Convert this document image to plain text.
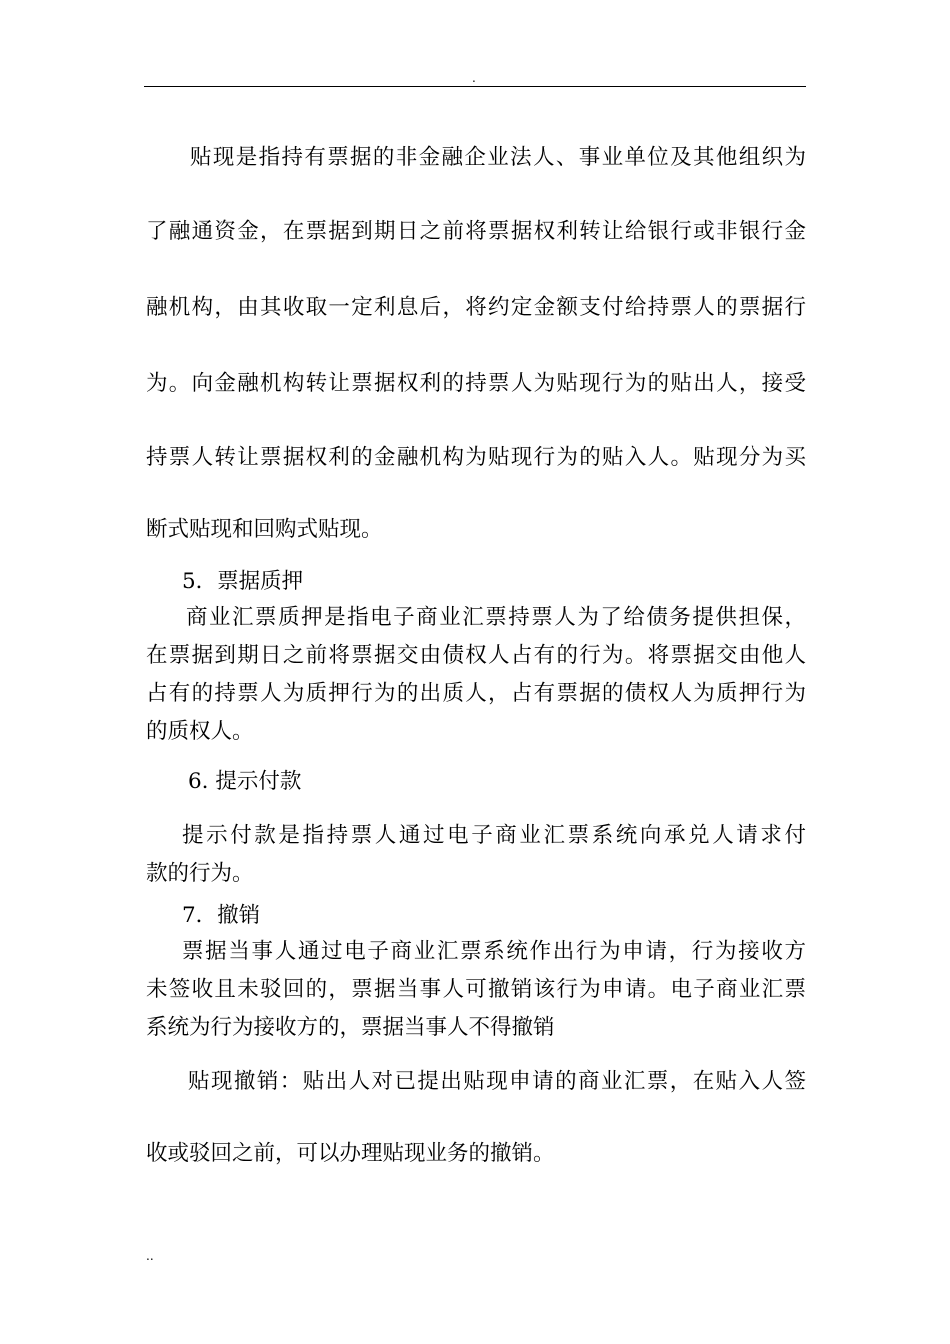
.
贴现是指持有票据的非金融企业法人、事业单位及其他组织为
了融通资金，在票据到期日之前将票据权利转让给银行或非银行金
融机构，由其收取一定利息后，将约定金额支付给持票人的票据行
为。向金融机构转让票据权利的持票人为贴现行为的贴出人，接受
持票人转让票据权利的金融机构为贴现行为的贴入人。贴现分为买
断式贴现和回购式贴现。
5．票据质押
商业汇票质押是指电子商业汇票持票人为了给债务提供担保，
在票据到期日之前将票据交由债权人占有的行为。将票据交由他人
占有的持票人为质押行为的出质人，占有票据的债权人为质押行为
的质权人。
6. 提示付款
提示付款是指持票人通过电子商业汇票系统向承兑人请求付
款的行为。
7．撤销
票据当事人通过电子商业汇票系统作出行为申请，行为接收方
未签收且未驳回的，票据当事人可撤销该行为申请。电子商业汇票
系统为行为接收方的，票据当事人不得撤销
贴现撤销：贴出人对已提出贴现申请的商业汇票，在贴入人签
收或驳回之前，可以办理贴现业务的撤销。
..
